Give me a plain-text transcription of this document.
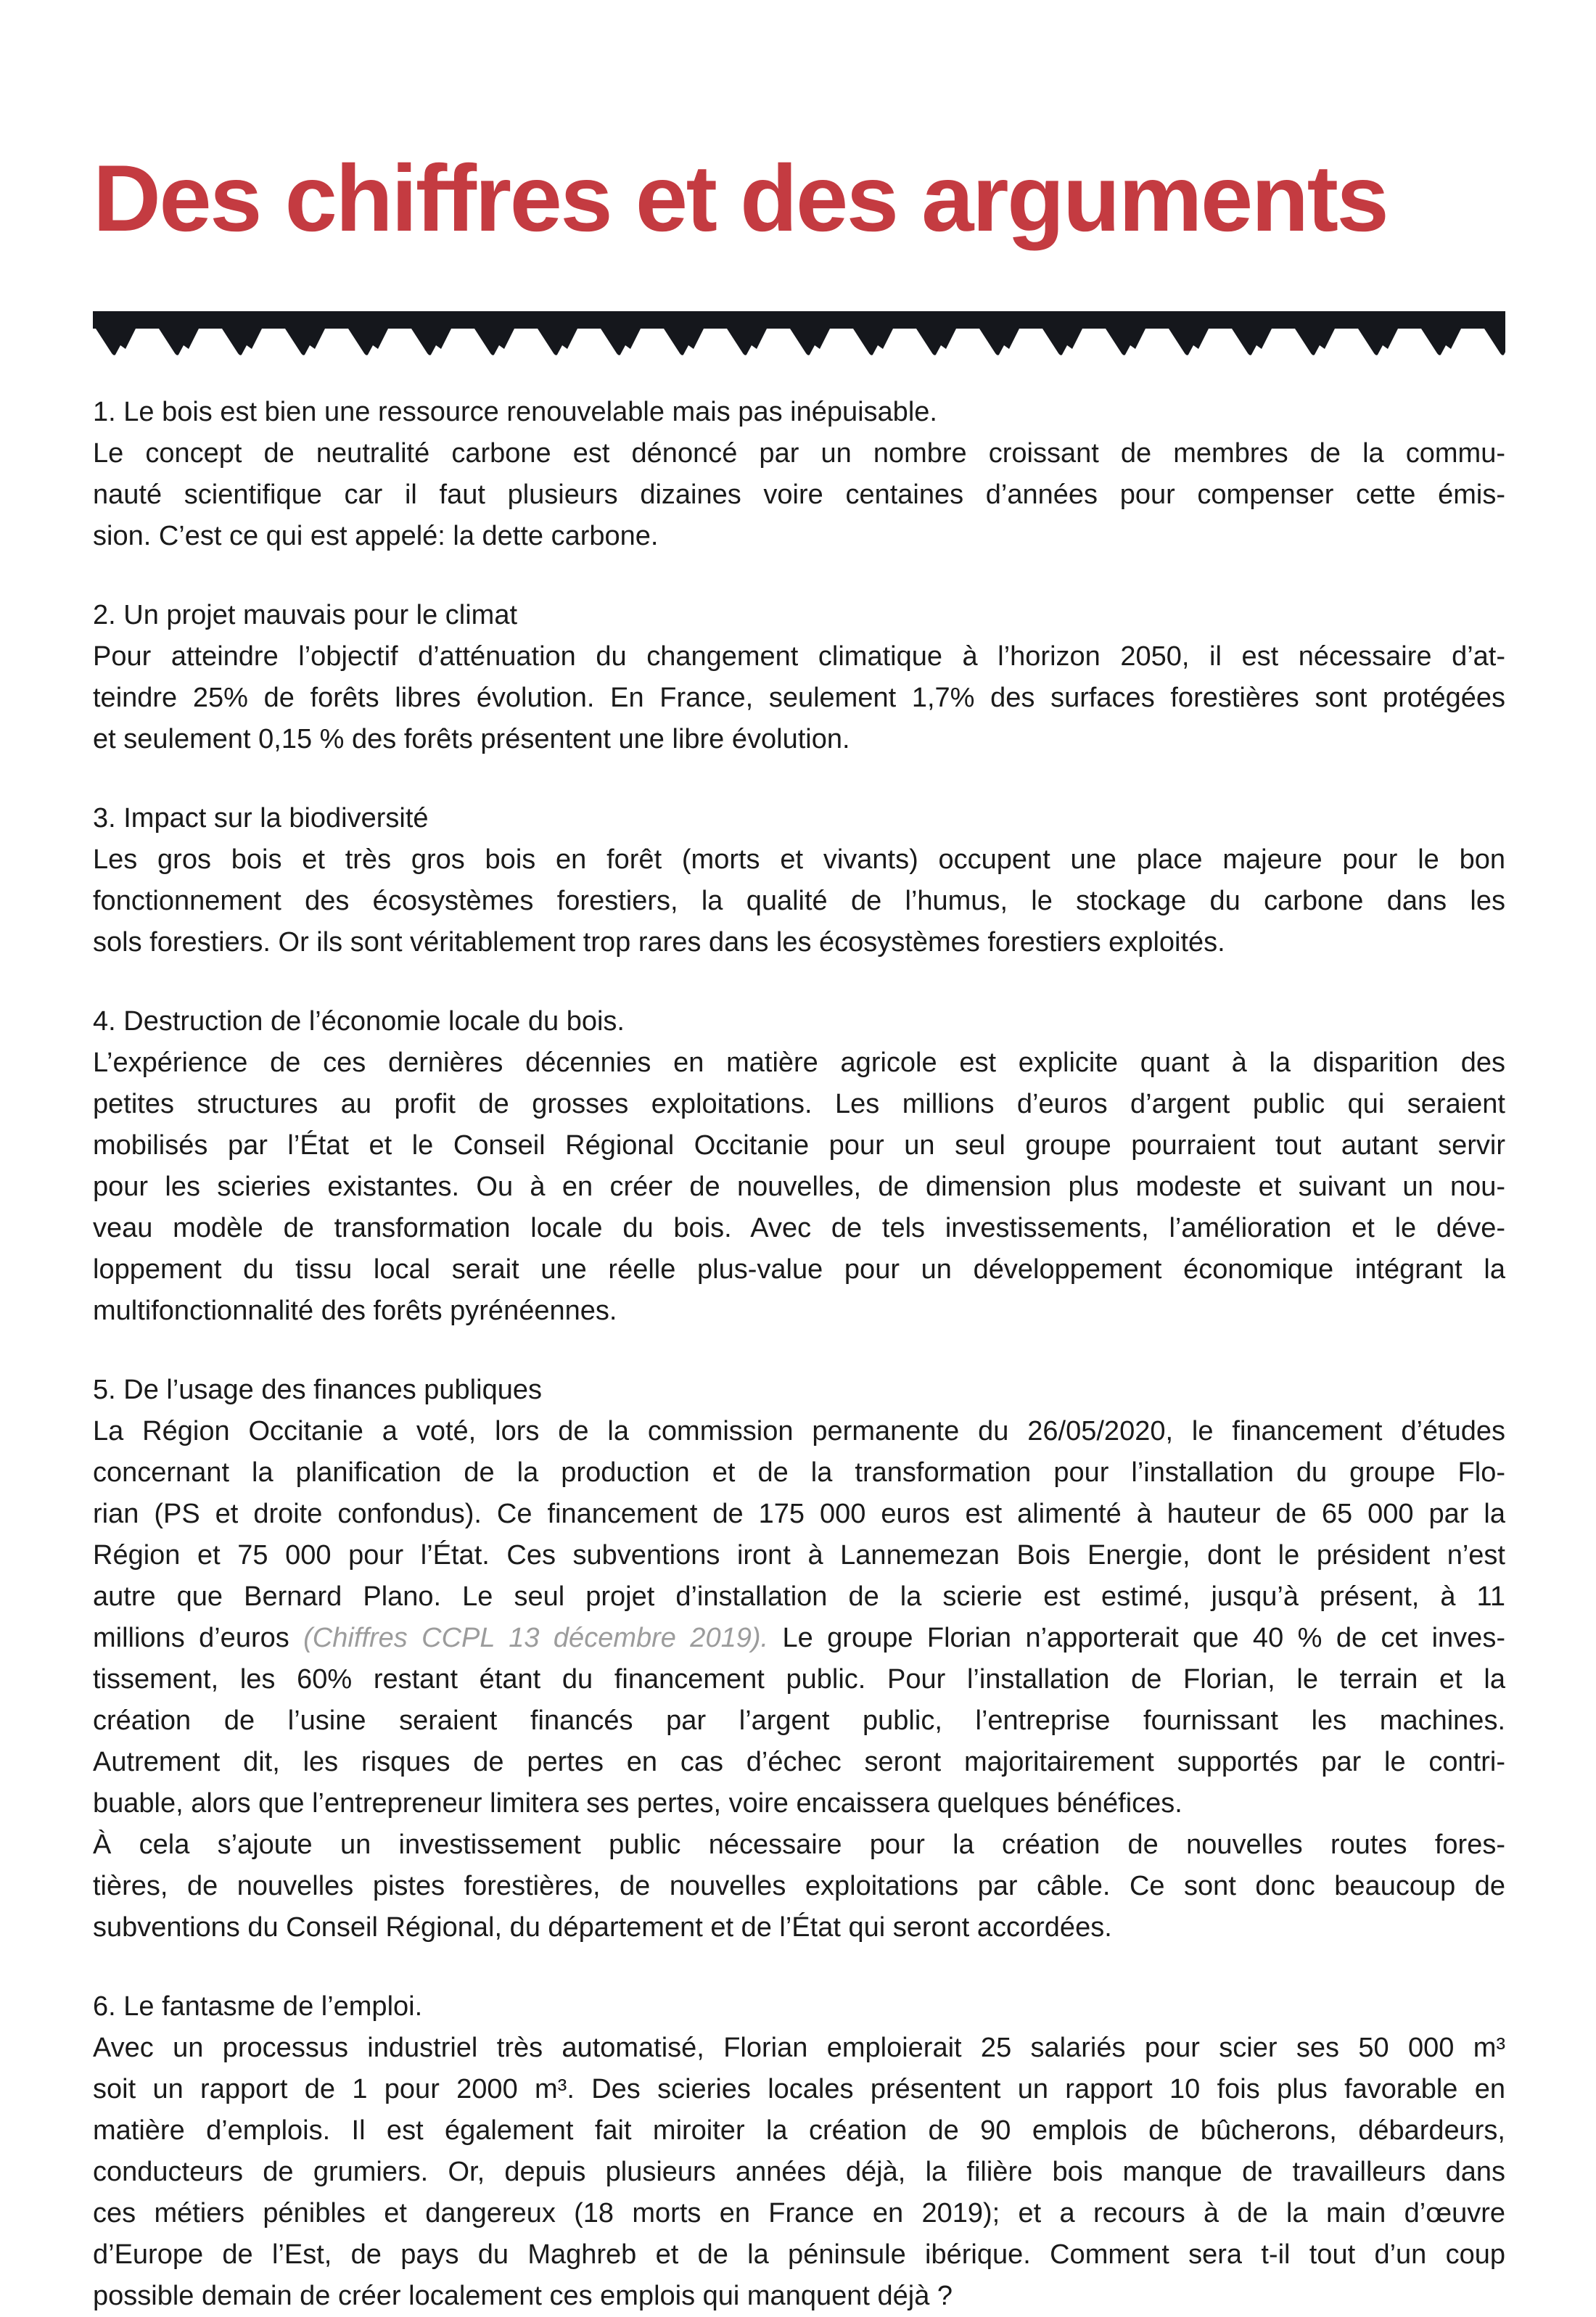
Des chiffres et des arguments
1. Le bois est bien une ressource renouvelable mais pas inépuisable.
Le concept de neutralité carbone est dénoncé par un nombre croissant de membres de la commu-
nauté scientifique car il faut plusieurs dizaines voire centaines d’années pour compenser cette émis-
sion. C’est ce qui est appelé: la dette carbone.
2. Un projet mauvais pour le climat
Pour atteindre l’objectif d’atténuation du changement climatique à l’horizon 2050, il est nécessaire d’at-
teindre 25% de forêts libres évolution. En France, seulement 1,7% des surfaces forestières sont protégées
et seulement 0,15 % des forêts présentent une libre évolution.
3. Impact sur la biodiversité
Les gros bois et très gros bois en forêt (morts et vivants) occupent une place majeure pour le bon
fonctionnement des écosystèmes forestiers, la qualité de l’humus, le stockage du carbone dans les
sols forestiers. Or ils sont véritablement trop rares dans les écosystèmes forestiers exploités.
4. Destruction de l’économie locale du bois.
L’expérience de ces dernières décennies en matière agricole est explicite quant à la disparition des
petites structures au profit de grosses exploitations. Les millions d’euros d’argent public qui seraient
mobilisés par l’État et le Conseil Régional Occitanie pour un seul groupe pourraient tout autant servir
pour les scieries existantes. Ou à en créer de nouvelles, de dimension plus modeste et suivant un nou-
veau modèle de transformation locale du bois. Avec de tels investissements, l’amélioration et le déve-
loppement du tissu local serait une réelle plus-value pour un développement économique intégrant la
multifonctionnalité des forêts pyrénéennes.
5. De l’usage des finances publiques
La Région Occitanie a voté, lors de la commission permanente du 26/05/2020, le financement d’études
concernant la planification de la production et de la transformation pour l’installation du groupe Flo-
rian (PS et droite confondus). Ce financement de 175 000 euros est alimenté à hauteur de 65 000 par la
Région et 75 000 pour l’État. Ces subventions iront à Lannemezan Bois Energie, dont le président n’est
autre que Bernard Plano. Le seul projet d’installation de la scierie est estimé, jusqu’à présent, à 11
millions d’euros (Chiffres CCPL 13 décembre 2019). Le groupe Florian n’apporterait que 40 % de cet inves-
tissement, les 60% restant étant du financement public. Pour l’installation de Florian, le terrain et la
création de l’usine seraient financés par l’argent public, l’entreprise fournissant les machines.
Autrement dit, les risques de pertes en cas d’échec seront majoritairement supportés par le contri-
buable, alors que l’entrepreneur limitera ses pertes, voire encaissera quelques bénéfices.
À cela s’ajoute un investissement public nécessaire pour la création de nouvelles routes fores-
tières, de nouvelles pistes forestières, de nouvelles exploitations par câble. Ce sont donc beaucoup de
subventions du Conseil Régional, du département et de l’État qui seront accordées.
6. Le fantasme de l’emploi.
Avec un processus industriel très automatisé, Florian emploierait 25 salariés pour scier ses 50 000 m³
soit un rapport de 1 pour 2000 m³. Des scieries locales présentent un rapport 10 fois plus favorable en
matière d’emplois. Il est également fait miroiter la création de 90 emplois de bûcherons, débardeurs,
conducteurs de grumiers. Or, depuis plusieurs années déjà, la filière bois manque de travailleurs dans
ces métiers pénibles et dangereux (18 morts en France en 2019); et a recours à de la main d’œuvre
d’Europe de l’Est, de pays du Maghreb et de la péninsule ibérique. Comment sera t-il tout d’un coup
possible demain de créer localement ces emplois qui manquent déjà ?
